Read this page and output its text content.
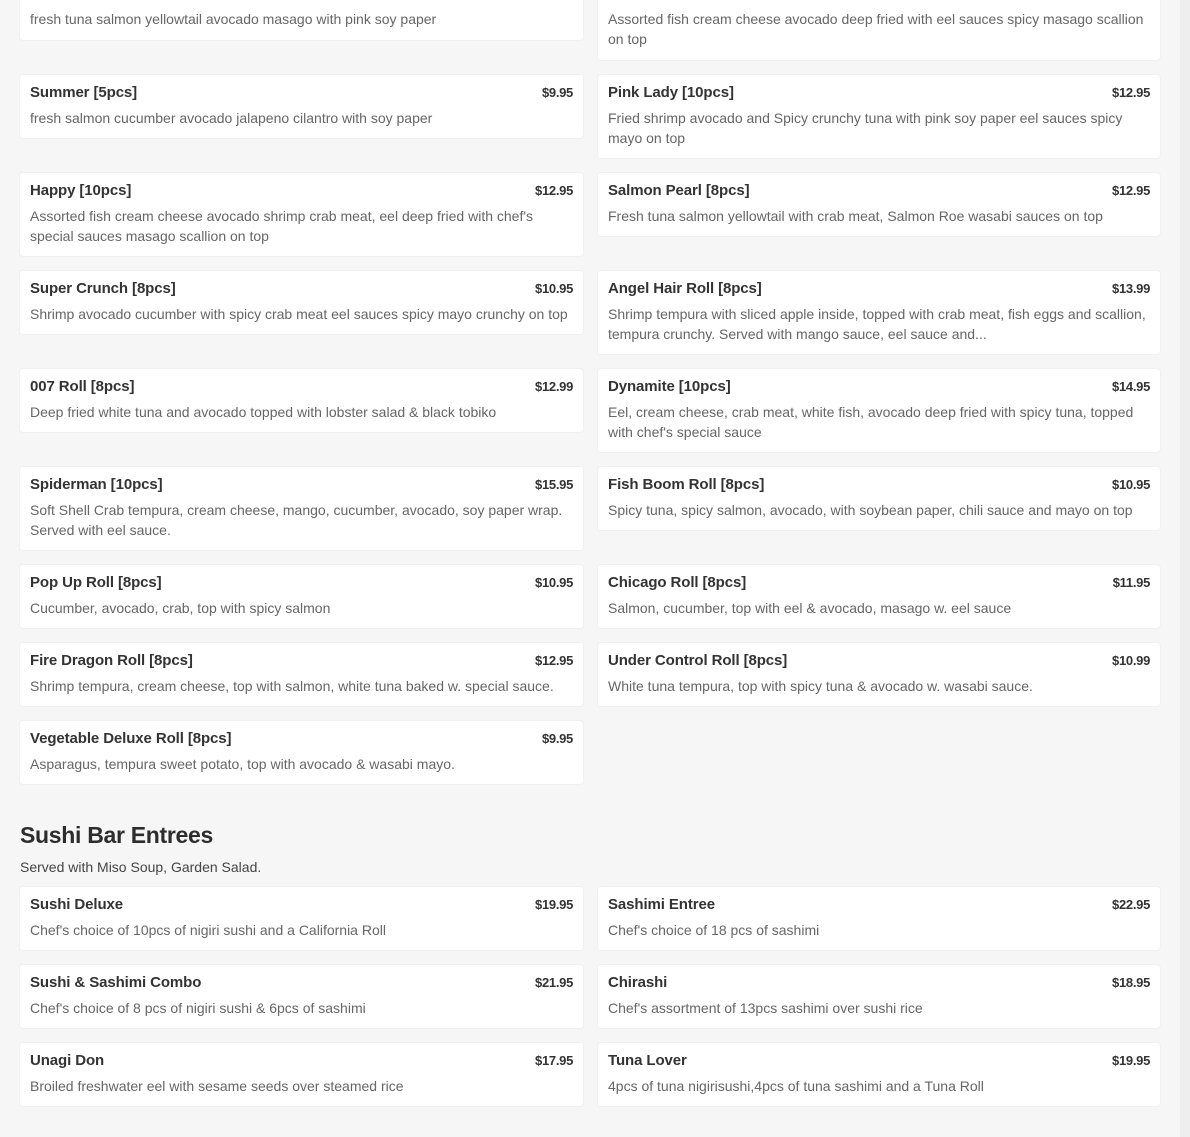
fresh tuna salmon yellowtail avocado masago with pink soy paper	Assorted fish cream cheese avocado deep fried with eel sauces spicy masago scallion on top
Summer [5pcs]	$9.95
fresh salmon cucumber avocado jalapeno cilantro with soy paper
Pink Lady [10pcs]	$12.95
Fried shrimp avocado and Spicy crunchy tuna with pink soy paper eel sauces spicy mayo on top
Happy [10pcs]	$12.95
Assorted fish cream cheese avocado shrimp crab meat, eel deep fried with chef's special sauces masago scallion on top
Salmon Pearl [8pcs]	$12.95
Fresh tuna salmon yellowtail with crab meat, Salmon Roe wasabi sauces on top
Super Crunch [8pcs]	$10.95
Shrimp avocado cucumber with spicy crab meat eel sauces spicy mayo crunchy on top
Angel Hair Roll [8pcs]	$13.99
Shrimp tempura with sliced apple inside, topped with crab meat, fish eggs and scallion, tempura crunchy. Served with mango sauce, eel sauce and...
007 Roll [8pcs]	$12.99
Deep fried white tuna and avocado topped with lobster salad & black tobiko
Dynamite [10pcs]	$14.95
Eel, cream cheese, crab meat, white fish, avocado deep fried with spicy tuna, topped with chef's special sauce
Spiderman [10pcs]	$15.95
Soft Shell Crab tempura, cream cheese, mango, cucumber, avocado, soy paper wrap. Served with eel sauce.
Fish Boom Roll [8pcs]	$10.95
Spicy tuna, spicy salmon, avocado, with soybean paper, chili sauce and mayo on top
Pop Up Roll [8pcs]	$10.95
Cucumber, avocado, crab, top with spicy salmon
Chicago Roll [8pcs]	$11.95
Salmon, cucumber, top with eel & avocado, masago w. eel sauce
Fire Dragon Roll [8pcs]	$12.95
Shrimp tempura, cream cheese, top with salmon, white tuna baked w. special sauce.
Under Control Roll [8pcs]	$10.99
White tuna tempura, top with spicy tuna & avocado w. wasabi sauce.
Vegetable Deluxe Roll [8pcs]	$9.95
Asparagus, tempura sweet potato, top with avocado & wasabi mayo.
Sushi Bar Entrees
Served with Miso Soup, Garden Salad.
Sushi Deluxe	$19.95
Chef's choice of 10pcs of nigiri sushi and a California Roll
Sashimi Entree	$22.95
Chef's choice of 18 pcs of sashimi
Sushi & Sashimi Combo	$21.95
Chef's choice of 8 pcs of nigiri sushi & 6pcs of sashimi
Chirashi	$18.95
Chef's assortment of 13pcs sashimi over sushi rice
Unagi Don	$17.95
Broiled freshwater eel with sesame seeds over steamed rice
Tuna Lover	$19.95
4pcs of tuna nigirisushi,4pcs of tuna sashimi and a Tuna Roll
